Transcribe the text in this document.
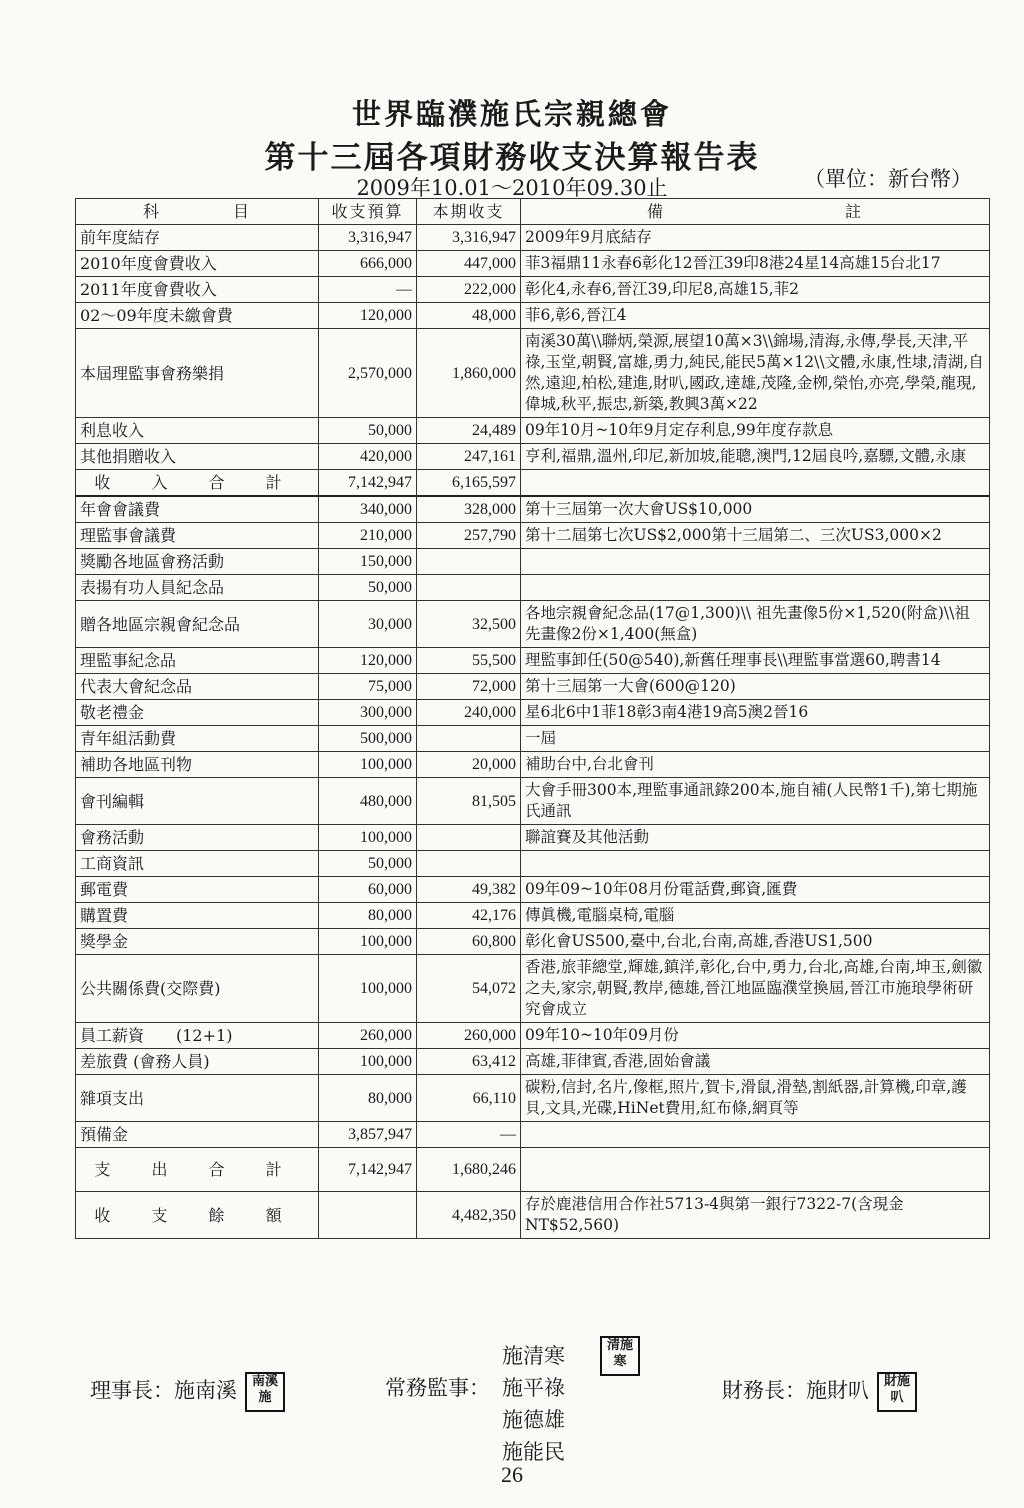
世界臨濮施氏宗親總會
第十三屆各項財務收支決算報告表
2009年10.01～2010年09.30止	（單位：新台幣）
科　　　　目	收支預算	本期收支	備　　　　　　　　　　註
前年度結存	3,316,947	3,316,947	2009年9月底結存
2010年度會費收入	666,000	447,000	菲3福鼎11永春6彰化12晉江39印8港24星14高雄15台北17
2011年度會費收入	—	222,000	彰化4,永春6,晉江39,印尼8,高雄15,菲2
02～09年度未繳會費	120,000	48,000	菲6,彰6,晉江4
本屆理監事會務樂捐	2,570,000	1,860,000	南溪30萬\\聯炳,榮源,展望10萬×3\\錦場,清海,永傳,學長,天津,平祿,玉堂,朝賢,富雄,勇力,純民,能民5萬×12\\文體,永康,性埭,清湖,自然,遠迎,柏松,建進,財叭,國政,達雄,茂隆,金栁,榮怡,亦亮,學榮,龍現,偉城,秋平,振忠,新築,教興3萬×22
利息收入	50,000	24,489	09年10月~10年9月定存利息,99年度存款息
其他捐贈收入	420,000	247,161	亨利,福鼎,溫州,印尼,新加坡,能聰,澳門,12屆良吟,嘉驃,文體,永康
收 入 合 計	7,142,947	6,165,597	
年會會議費	340,000	328,000	第十三屆第一次大會US$10,000
理監事會議費	210,000	257,790	第十二屆第七次US$2,000第十三屆第二、三次US3,000×2
獎勵各地區會務活動	150,000		
表揚有功人員紀念品	50,000		
贈各地區宗親會紀念品	30,000	32,500	各地宗親會紀念品(17@1,300)\\ 祖先畫像5份×1,520(附盒)\\祖先畫像2份×1,400(無盒)
理監事紀念品	120,000	55,500	理監事卸任(50@540),新舊任理事長\\理監事當選60,聘書14
代表大會紀念品	75,000	72,000	第十三屆第一大會(600@120)
敬老禮金	300,000	240,000	星6北6中1菲18彰3南4港19高5澳2晉16
青年組活動費	500,000		一屆
補助各地區刊物	100,000	20,000	補助台中,台北會刊
會刊編輯	480,000	81,505	大會手冊300本,理監事通訊錄200本,施自補(人民幣1千),第七期施氏通訊
會務活動	100,000		聯誼賽及其他活動
工商資訊	50,000		
郵電費	60,000	49,382	09年09~10年08月份電話費,郵資,匯費
購置費	80,000	42,176	傳眞機,電腦桌椅,電腦
獎學金	100,000	60,800	彰化會US500,臺中,台北,台南,高雄,香港US1,500
公共關係費(交際費)	100,000	54,072	香港,旅菲總堂,輝雄,鎮洋,彰化,台中,勇力,台北,高雄,台南,坤玉,劍徽之夫,家宗,朝賢,教岸,德雄,晉江地區臨濮堂換屆,晉江市施琅學術研究會成立
員工薪資　　(12+1)	260,000	260,000	09年10~10年09月份
差旅費 (會務人員)	100,000	63,412	高雄,菲律賓,香港,固始會議
雜項支出	80,000	66,110	碳粉,信封,名片,像框,照片,賀卡,滑鼠,滑墊,割紙器,計算機,印章,護貝,文具,光碟,HiNet費用,紅布條,網頁等
預備金	3,857,947	—	
支 出 合 計	7,142,947	1,680,246	
收 支 餘 額		4,482,350	存於鹿港信用合作社5713-4與第一銀行7322-7(含現金NT$52,560)
理事長：施南溪 南溪施	常務監事：
施清寒
施平祿
施德雄
施能民
清施寒
財務長：施財叭 財施叭
26
